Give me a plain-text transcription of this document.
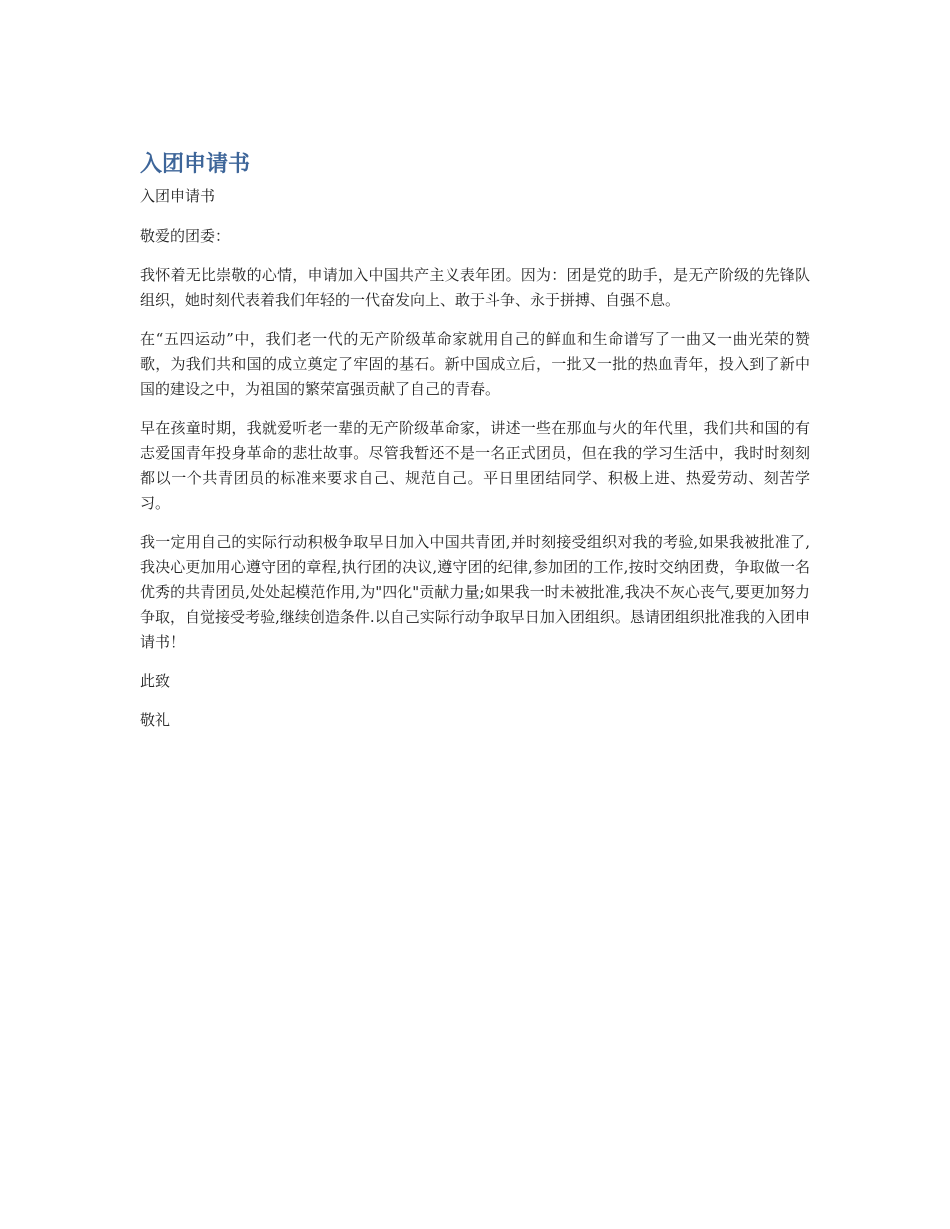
入团申请书

入团申请书

敬爱的团委：

我怀着无比崇敬的心情，申请加入中国共产主义表年团。因为：团是党的助手，是无产阶级的先锋队组织，她时刻代表着我们年轻的一代奋发向上、敢于斗争、永于拼搏、自强不息。

在“五四运动”中，我们老一代的无产阶级革命家就用自己的鲜血和生命谱写了一曲又一曲光荣的赞歌，为我们共和国的成立奠定了牢固的基石。新中国成立后，一批又一批的热血青年，投入到了新中国的建设之中，为祖国的繁荣富强贡献了自己的青春。

早在孩童时期，我就爱听老一辈的无产阶级革命家，讲述一些在那血与火的年代里，我们共和国的有志爱国青年投身革命的悲壮故事。尽管我暂还不是一名正式团员，但在我的学习生活中，我时时刻刻都以一个共青团员的标准来要求自己、规范自己。平日里团结同学、积极上进、热爱劳动、刻苦学习。

我一定用自己的实际行动积极争取早日加入中国共青团,并时刻接受组织对我的考验,如果我被批准了,我决心更加用心遵守团的章程,执行团的决议,遵守团的纪律,参加团的工作,按时交纳团费，争取做一名优秀的共青团员,处处起模范作用,为"四化"贡献力量;如果我一时未被批准,我决不灰心丧气,要更加努力争取，自觉接受考验,继续创造条件.以自己实际行动争取早日加入团组织。恳请团组织批准我的入团申请书！

此致

敬礼
